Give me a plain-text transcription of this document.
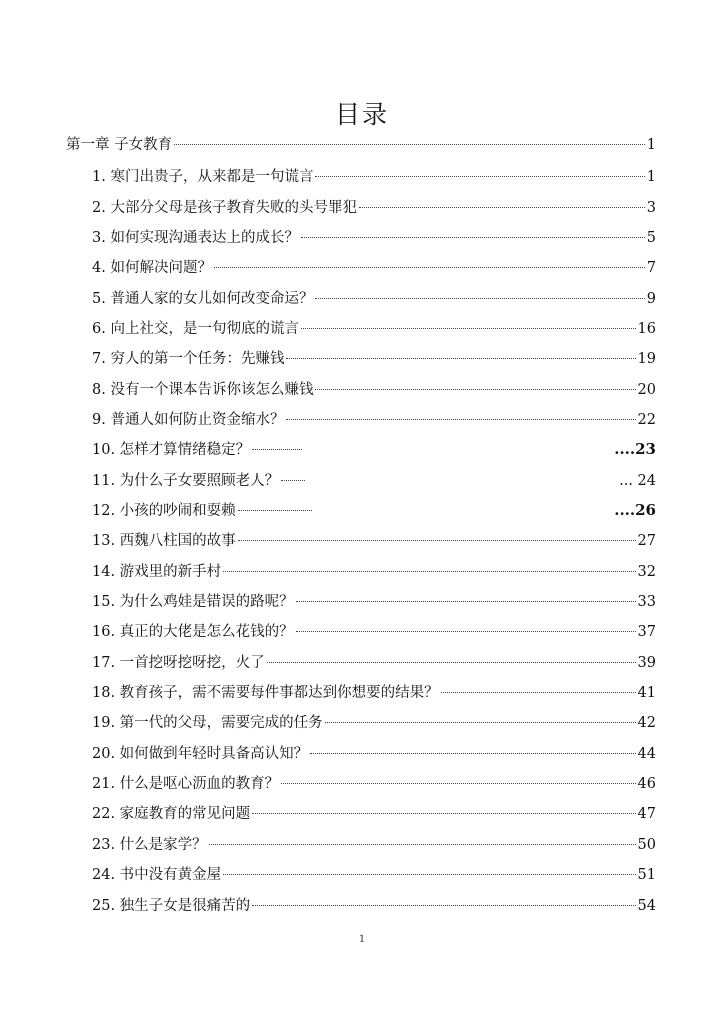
目录
第一章 子女教育	1
1. 寒门出贵子，从来都是一句谎言	1
2. 大部分父母是孩子教育失败的头号罪犯	3
3. 如何实现沟通表达上的成长？	5
4. 如何解决问题？	7
5. 普通人家的女儿如何改变命运？	9
6. 向上社交，是一句彻底的谎言	16
7. 穷人的第一个任务：先赚钱	19
8. 没有一个课本告诉你该怎么赚钱	20
9. 普通人如何防止资金缩水？	22
10. 怎样才算情绪稳定？	....23
11. 为什么子女要照顾老人？	... 24
12. 小孩的吵闹和耍赖	....26
13. 西魏八柱国的故事	27
14. 游戏里的新手村	32
15. 为什么鸡娃是错误的路呢？	33
16. 真正的大佬是怎么花钱的？	37
17. 一首挖呀挖呀挖，火了	39
18. 教育孩子，需不需要每件事都达到你想要的结果？	41
19. 第一代的父母，需要完成的任务	42
20. 如何做到年轻时具备高认知？	44
21. 什么是呕心沥血的教育？	46
22. 家庭教育的常见问题	47
23. 什么是家学？	50
24. 书中没有黄金屋	51
25. 独生子女是很痛苦的	54
1
